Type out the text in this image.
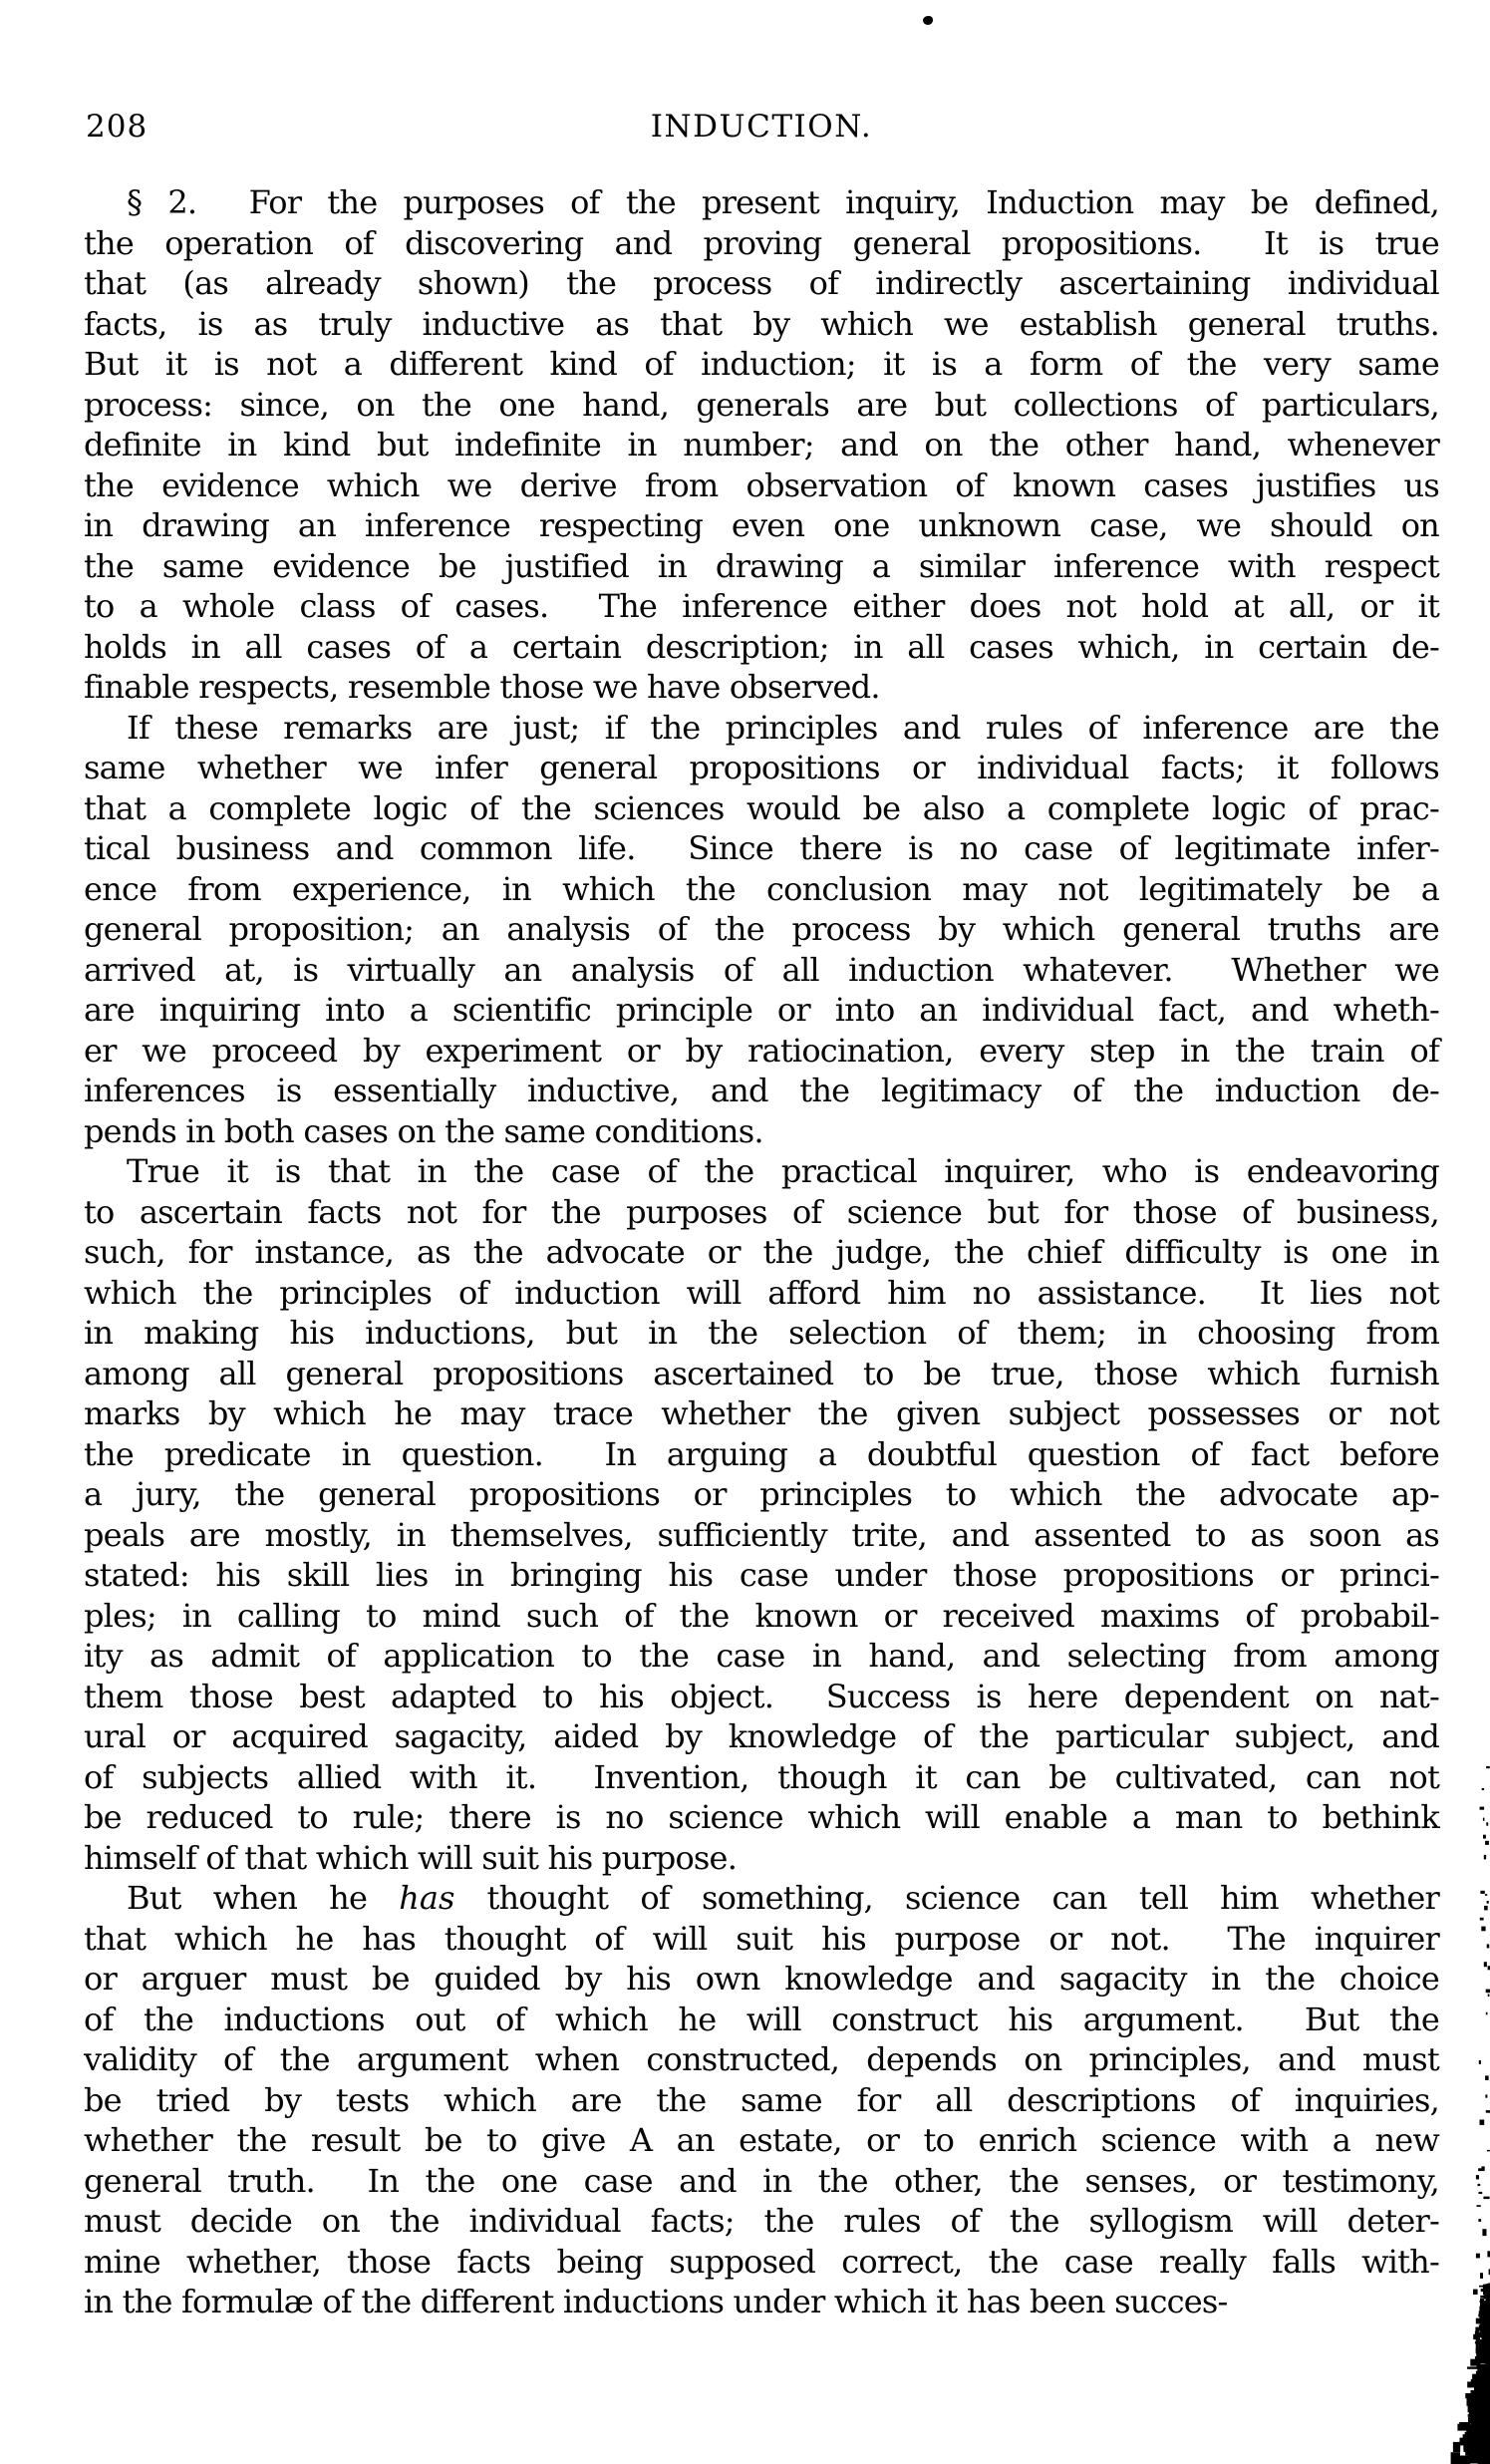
208	INDUCTION.
§ 2.  For the purposes of the present inquiry, Induction may be defined,
the operation of discovering and proving general propositions.  It is true
that (as already shown) the process of indirectly ascertaining individual
facts, is as truly inductive as that by which we establish general truths.
But it is not a different kind of induction; it is a form of the very same
process: since, on the one hand, generals are but collections of particulars,
definite in kind but indefinite in number; and on the other hand, whenever
the evidence which we derive from observation of known cases justifies us
in drawing an inference respecting even one unknown case, we should on
the same evidence be justified in drawing a similar inference with respect
to a whole class of cases.  The inference either does not hold at all, or it
holds in all cases of a certain description; in all cases which, in certain de-
finable respects, resemble those we have observed.
If these remarks are just; if the principles and rules of inference are the
same whether we infer general propositions or individual facts; it follows
that a complete logic of the sciences would be also a complete logic of prac-
tical business and common life.  Since there is no case of legitimate infer-
ence from experience, in which the conclusion may not legitimately be a
general proposition; an analysis of the process by which general truths are
arrived at, is virtually an analysis of all induction whatever.  Whether we
are inquiring into a scientific principle or into an individual fact, and wheth-
er we proceed by experiment or by ratiocination, every step in the train of
inferences is essentially inductive, and the legitimacy of the induction de-
pends in both cases on the same conditions.
True it is that in the case of the practical inquirer, who is endeavoring
to ascertain facts not for the purposes of science but for those of business,
such, for instance, as the advocate or the judge, the chief difficulty is one in
which the principles of induction will afford him no assistance.  It lies not
in making his inductions, but in the selection of them; in choosing from
among all general propositions ascertained to be true, those which furnish
marks by which he may trace whether the given subject possesses or not
the predicate in question.  In arguing a doubtful question of fact before
a jury, the general propositions or principles to which the advocate ap-
peals are mostly, in themselves, sufficiently trite, and assented to as soon as
stated: his skill lies in bringing his case under those propositions or princi-
ples; in calling to mind such of the known or received maxims of probabil-
ity as admit of application to the case in hand, and selecting from among
them those best adapted to his object.  Success is here dependent on nat-
ural or acquired sagacity, aided by knowledge of the particular subject, and
of subjects allied with it.  Invention, though it can be cultivated, can not
be reduced to rule; there is no science which will enable a man to bethink
himself of that which will suit his purpose.
But when he has thought of something, science can tell him whether
that which he has thought of will suit his purpose or not.  The inquirer
or arguer must be guided by his own knowledge and sagacity in the choice
of the inductions out of which he will construct his argument.  But the
validity of the argument when constructed, depends on principles, and must
be tried by tests which are the same for all descriptions of inquiries,
whether the result be to give A an estate, or to enrich science with a new
general truth.  In the one case and in the other, the senses, or testimony,
must decide on the individual facts; the rules of the syllogism will deter-
mine whether, those facts being supposed correct, the case really falls with-
in the formulæ of the different inductions under which it has been succes-
